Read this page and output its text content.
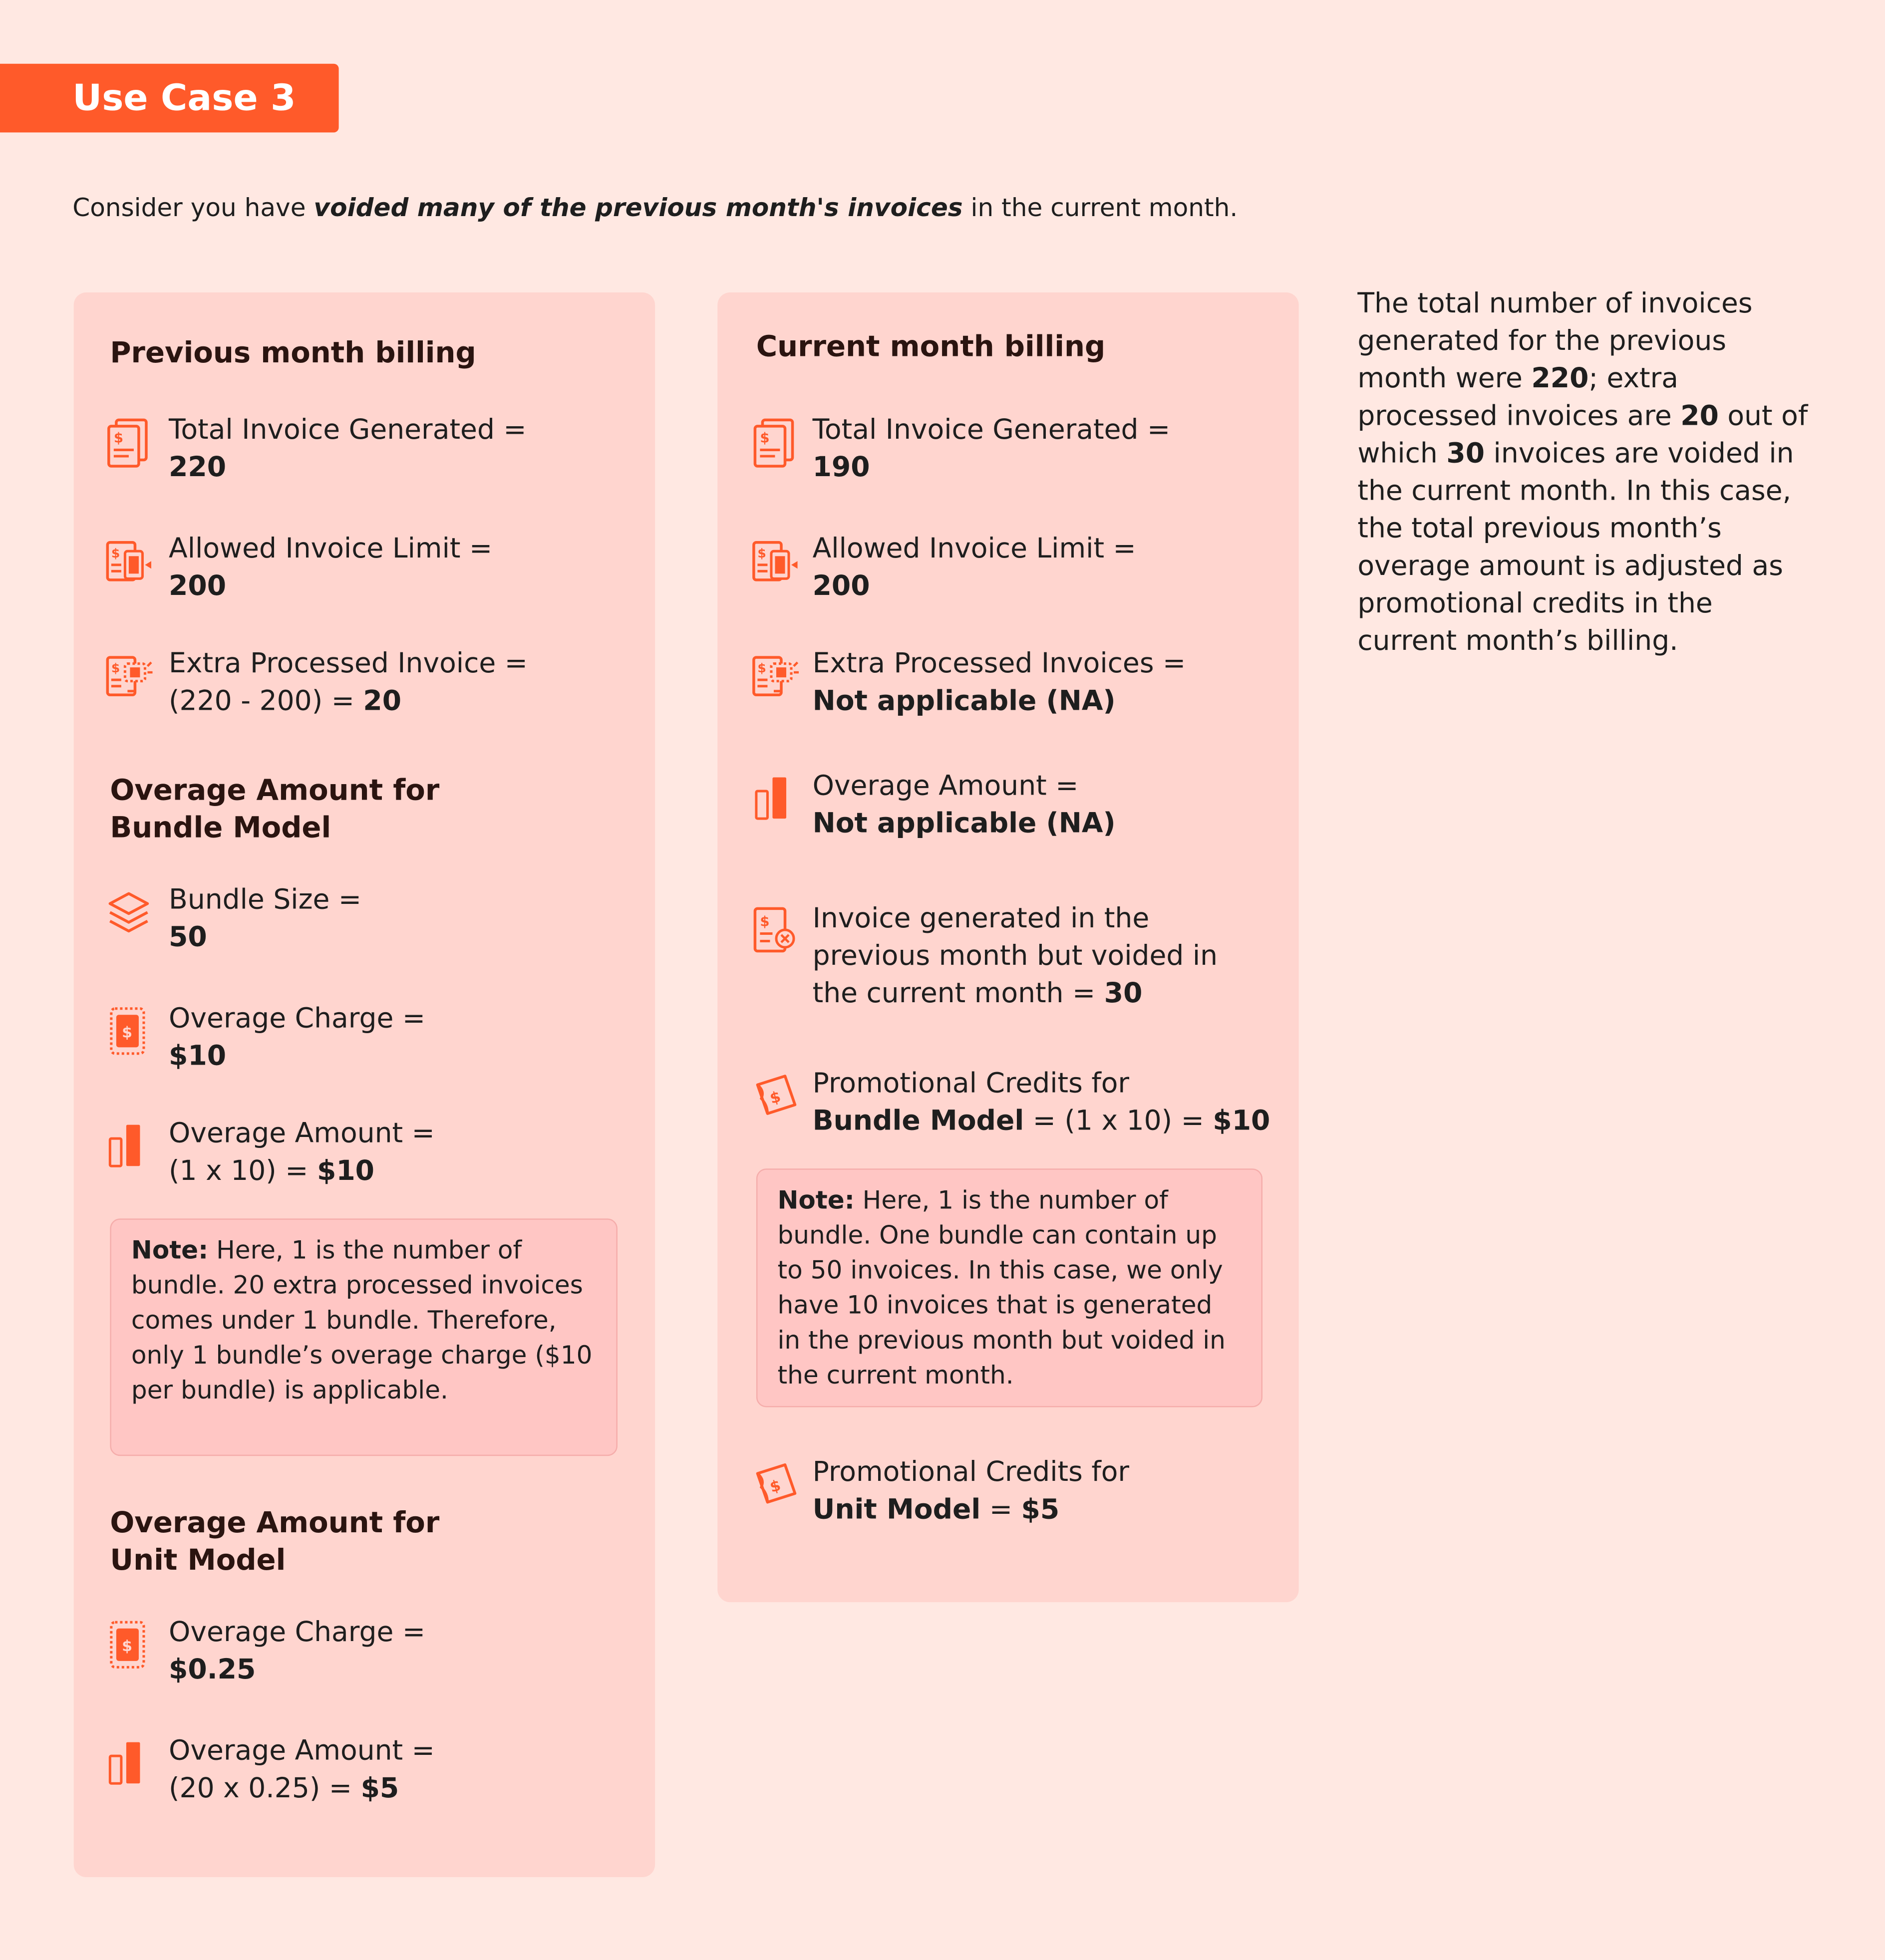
Use Case 3
Consider you have voided many of the previous month's invoices in the current month.
Previous month billing
Total Invoice Generated =
220
Allowed Invoice Limit =
200
Extra Processed Invoice =
(220 - 200) = 20
Overage Amount for
Bundle Model
Bundle Size =
50
Overage Charge =
$10
Overage Amount =
(1 x 10) = $10
Note: Here, 1 is the number of bundle. 20 extra processed invoices comes under 1 bundle. Therefore, only 1 bundle’s overage charge ($10 per bundle) is applicable.
Overage Amount for
Unit Model
Overage Charge =
$0.25
Overage Amount =
(20 x 0.25) = $5
Current month billing
Total Invoice Generated =
190
Allowed Invoice Limit =
200
Extra Processed Invoices =
Not applicable (NA)
Overage Amount =
Not applicable (NA)
Invoice generated in the
previous month but voided in
the current month = 30
Promotional Credits for
Bundle Model = (1 x 10) = $10
Note: Here, 1 is the number of bundle. One bundle can contain up to 50 invoices. In this case, we only have 10 invoices that is generated in the previous month but voided in the current month.
Promotional Credits for
Unit Model = $5
The total number of invoices generated for the previous month were 220; extra processed invoices are 20 out of which 30 invoices are voided in the current month. In this case, the total previous month’s overage amount is adjusted as promotional credits in the current month’s billing.
